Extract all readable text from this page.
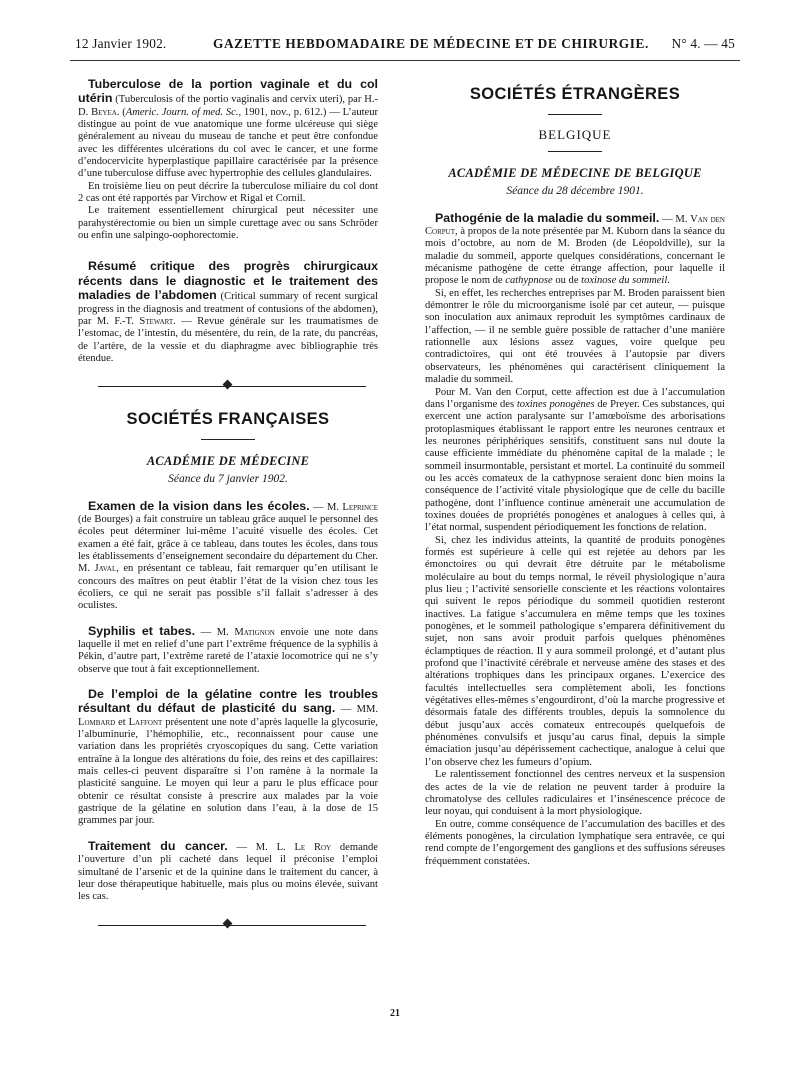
12 Janvier 1902.	GAZETTE HEBDOMADAIRE DE MÉDECINE ET DE CHIRURGIE. N° 4. — 45

Tuberculose de la portion vaginale et du col utérin (Tuberculosis of the portio vaginalis and cervix uteri), par H.-D. Beyea. (Americ. Journ. of med. Sc., 1901, nov., p. 612.) — L’auteur distingue au point de vue anatomique une forme ulcéreuse qui siège généralement au niveau du museau de tanche et peut être confondue avec les différentes ulcérations du col avec le cancer, et une forme d’endocervicite hyperplastique papillaire caractérisée par la présence d’une tuberculose diffuse avec hypertrophie des cellules glandulaires.

En troisième lieu on peut décrire la tuberculose miliaire du col dont 2 cas ont été rapportés par Virchow et Rigal et Cornil.

Le traitement essentiellement chirurgical peut nécessiter une parahystérectomie ou bien un simple curettage avec ou sans Schröder ou enfin une salpingo-oophorectomie.

Résumé critique des progrès chirurgicaux récents dans le diagnostic et le traitement des maladies de l’abdomen (Critical summary of recent surgical progress in the diagnosis and treatment of contusions of the abdomen), par M. F.-T. Stewart. — Revue générale sur les traumatismes de l’estomac, de l’intestin, du mésentère, du rein, de la rate, du pancréas, de l’artère, de la vessie et du diaphragme avec bibliographie très étendue.

SOCIÉTÉS FRANÇAISES

ACADÉMIE DE MÉDECINE

Séance du 7 janvier 1902.

Examen de la vision dans les écoles. — M. Leprince (de Bourges) a fait construire un tableau grâce auquel le personnel des écoles peut déterminer lui-même l’acuité visuelle des écoles. Cet examen a été fait, grâce à ce tableau, dans toutes les écoles, dans tous les établissements d’enseignement secondaire du département du Cher. M. Javal, en présentant ce tableau, fait remarquer qu’en utilisant le concours des maîtres on peut établir l’état de la vision chez tous les écoliers, ce qui ne serait pas possible s’il fallait s’adresser à des oculistes.

Syphilis et tabes. — M. Matignon envoie une note dans laquelle il met en relief d’une part l’extrême fréquence de la syphilis à Pékin, d’autre part, l’extrême rareté de l’ataxie locomotrice qui ne s’y observe que tout à fait exceptionnellement.

De l’emploi de la gélatine contre les troubles résultant du défaut de plasticité du sang. — MM. Lombard et Laffont présentent une note d’après laquelle la glycosurie, l’albuminurie, l’hémophilie, etc., reconnaissent pour cause une variation dans les propriétés cryoscopiques du sang. Cette variation entraîne à la longue des altérations du foie, des reins et des capillaires: mais celles-ci peuvent disparaître si l’on ramène à la normale la plasticité sanguine. Le moyen qui leur a paru le plus efficace pour obtenir ce résultat consiste à prescrire aux malades par la voie gastrique de la gélatine en solution dans l’eau, à la dose de 15 grammes par jour.

Traitement du cancer. — M. L. Le Roy demande l’ouverture d’un pli cacheté dans lequel il préconise l’emploi simultané de l’arsenic et de la quinine dans le traitement du cancer, à leur dose thérapeutique habituelle, mais plus ou moins élevée, suivant les cas.

SOCIÉTÉS ÉTRANGÈRES

BELGIQUE

ACADÉMIE DE MÉDECINE DE BELGIQUE

Séance du 28 décembre 1901.

Pathogénie de la maladie du sommeil. — M. Van den Corput, à propos de la note présentée par M. Kuborn dans la séance du mois d’octobre, au nom de M. Broden (de Léopoldville), sur la maladie du sommeil, apporte quelques considérations, concernant le mécanisme pathogène de cette étrange affection, pour laquelle il propose le nom de cathypnose ou de toxinose du sommeil.

Si, en effet, les recherches entreprises par M. Broden paraissent bien démontrer le rôle du microorganisme isolé par cet auteur, — puisque son inoculation aux animaux reproduit les symptômes cardinaux de l’affection, — il ne semble guère possible de rattacher d’une manière rationnelle aux lésions assez vagues, voire quelque peu contradictoires, qui ont été trouvées à l’autopsie par divers observateurs, les phénomènes qui caractérisent cliniquement la maladie du sommeil.

Pour M. Van den Corput, cette affection est due à l’accumulation dans l’organisme des toxines ponogènes de Preyer. Ces substances, qui exercent une action paralysante sur l’amœboïsme des arborisations protoplasmiques établissant le rapport entre les neurones centraux et les neurones périphériques sensitifs, constituent sans nul doute la cause efficiente immédiate du phénomène capital de la malade ; le sommeil insurmontable, persistant et mortel. La continuité du sommeil ou les accès comateux de la cathypnose seraient donc bien moins la conséquence de l’activité vitale physiologique que de celle du bacille pathogène, dont l’influence continue amènerait une accumulation de toxines douées de propriétés ponogènes et analogues à celles qui, à l’état normal, suspendent périodiquement les fonctions de relation.

Si, chez les individus atteints, la quantité de produits ponogènes formés est supérieure à celle qui est rejetée au dehors par les émonctoires ou qui devrait être détruite par le métabolisme moléculaire au bout du temps normal, le réveil physiologique n’aura plus lieu ; l’activité sensorielle consciente et les réactions volontaires qui suivent le repos périodique du sommeil quotidien resteront inactives. La fatigue s’accumulera en même temps que les toxines ponogènes, et le sommeil pathologique s’emparera définitivement du sujet, non sans avoir produit parfois quelques phénomènes éclamptiques de réaction. Il y aura sommeil prolongé, et d’autant plus profond que l’inactivité cérébrale et nerveuse amène des stases et des altérations trophiques dans les principaux organes. L’exercice des facultés intellectuelles sera complètement aboli, les fonctions végétatives elles-mêmes s’engourdiront, d’où la marche progressive et désormais fatale des différents troubles, depuis la somnolence du début jusqu’aux accès comateux entrecoupés quelquefois de phénomènes convulsifs et jusqu’au carus final, depuis la simple émaciation jusqu’au dépérissement cachectique, analogue à celui que l’on observe chez les fumeurs d’opium.

Le ralentissement fonctionnel des centres nerveux et la suspension des actes de la vie de relation ne peuvent tarder à produire la chromatolyse des cellules radiculaires et l’insénescence précoce de leur noyau, qui conduisent à la mort physiologique.

En outre, comme conséquence de l’accumulation des bacilles et des éléments ponogènes, la circulation lymphatique sera entravée, ce qui rend compte de l’engorgement des ganglions et des suffusions séreuses fréquemment constatées.

21
